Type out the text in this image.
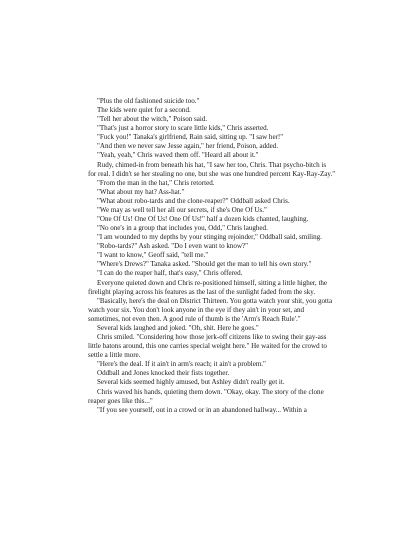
"Plus the old fashioned suicide too."

The kids were quiet for a second.

"Tell her about the witch," Poison said.

"That's just a horror story to scare little kids," Chris asserted.

"Fuck you!" Tanaka's girlfriend, Rain said, sitting up. "I saw her!"

"And then we never saw Jesse again," her friend, Poison, added.

"Yeah, yeah," Chris waved them off. "Heard all about it."

Rudy, chimed-in from beneath his hat, "I saw her too, Chris. That psycho-bitch is for real. I didn't se her stealing no one, but she was one hundred percent Kay-Ray-Zay."

"From the man in the hat," Chris retorted.

"What about my hat? Ass-hat."

"What about robo-tards and the clone-reaper?" Oddball asked Chris.

"We may as well tell her all our secrets, if she's One Of Us."

"One Of Us! One Of Us! One Of Us!" half a dozen kids chanted, laughing.

"No one's in a group that includes you, Odd," Chris laughed.

"I am wounded to my depths by your stinging rejoinder," Oddball said, smiling.

"Robo-tards?" Ash asked. "Do I even want to know?"

"I want to know," Geoff said, "tell me."

"Where's Drews?" Tanaka asked. "Should get the man to tell his own story."

"I can do the reaper half, that's easy," Chris offered.

Everyone quieted down and Chris re-positioned himself, sitting a little higher, the firelight playing across his features as the last of the sunlight faded from the sky.

"Basically, here's the deal on District Thirteen. You gotta watch your shit, you gotta watch your six. You don't look anyone in the eye if they ain't in your set, and sometimes, not even then. A good rule of thumb is the 'Arm's Reach Rule'."

Several kids laughed and joked. "Oh, shit. Here he goes."

Chris smiled. "Considering how those jerk-off citizens like to swing their gay-ass little batons around, this one carries special weight here." He waited for the crowd to settle a little more.

"Here's the deal. If it ain't in arm's reach; it ain't a problem."

Oddball and Jones knocked their fists together.

Several kids seemed highly amused, but Ashley didn't really get it.

Chris waved his hands, quieting them down. "Okay, okay. The story of the clone reaper goes like this..."

"If you see yourself, out in a crowd or in an abandoned hallway... Within a
